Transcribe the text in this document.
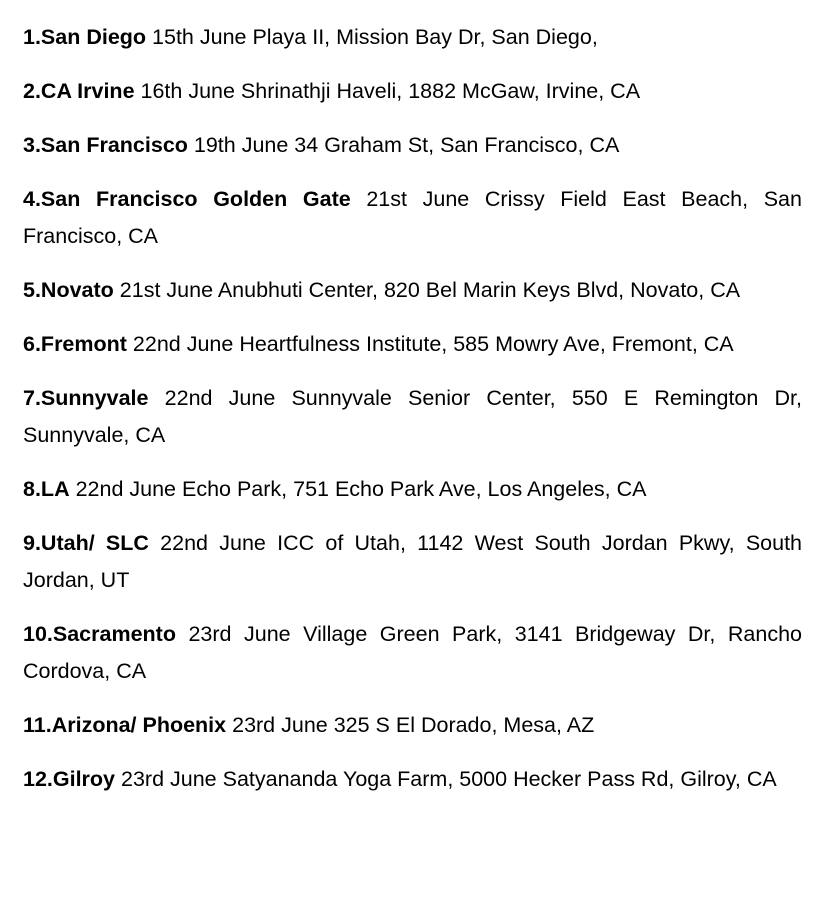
1.San Diego 15th June Playa II, Mission Bay Dr, San Diego,

2.CA Irvine 16th June Shrinathji Haveli, 1882 McGaw, Irvine, CA

3.San Francisco 19th June 34 Graham St, San Francisco, CA

4.San Francisco Golden Gate 21st June Crissy Field East Beach, San Francisco, CA

5.Novato 21st June Anubhuti Center, 820 Bel Marin Keys Blvd, Novato, CA

6.Fremont 22nd June Heartfulness Institute, 585 Mowry Ave, Fremont, CA

7.Sunnyvale 22nd June Sunnyvale Senior Center, 550 E Remington Dr, Sunnyvale, CA

8.LA 22nd June Echo Park, 751 Echo Park Ave, Los Angeles, CA

9.Utah/ SLC 22nd June ICC of Utah, 1142 West South Jordan Pkwy, South Jordan, UT

10.Sacramento 23rd June Village Green Park, 3141 Bridgeway Dr, Rancho Cordova, CA

11.Arizona/ Phoenix 23rd June 325 S El Dorado, Mesa, AZ

12.Gilroy 23rd June Satyananda Yoga Farm, 5000 Hecker Pass Rd, Gilroy, CA
